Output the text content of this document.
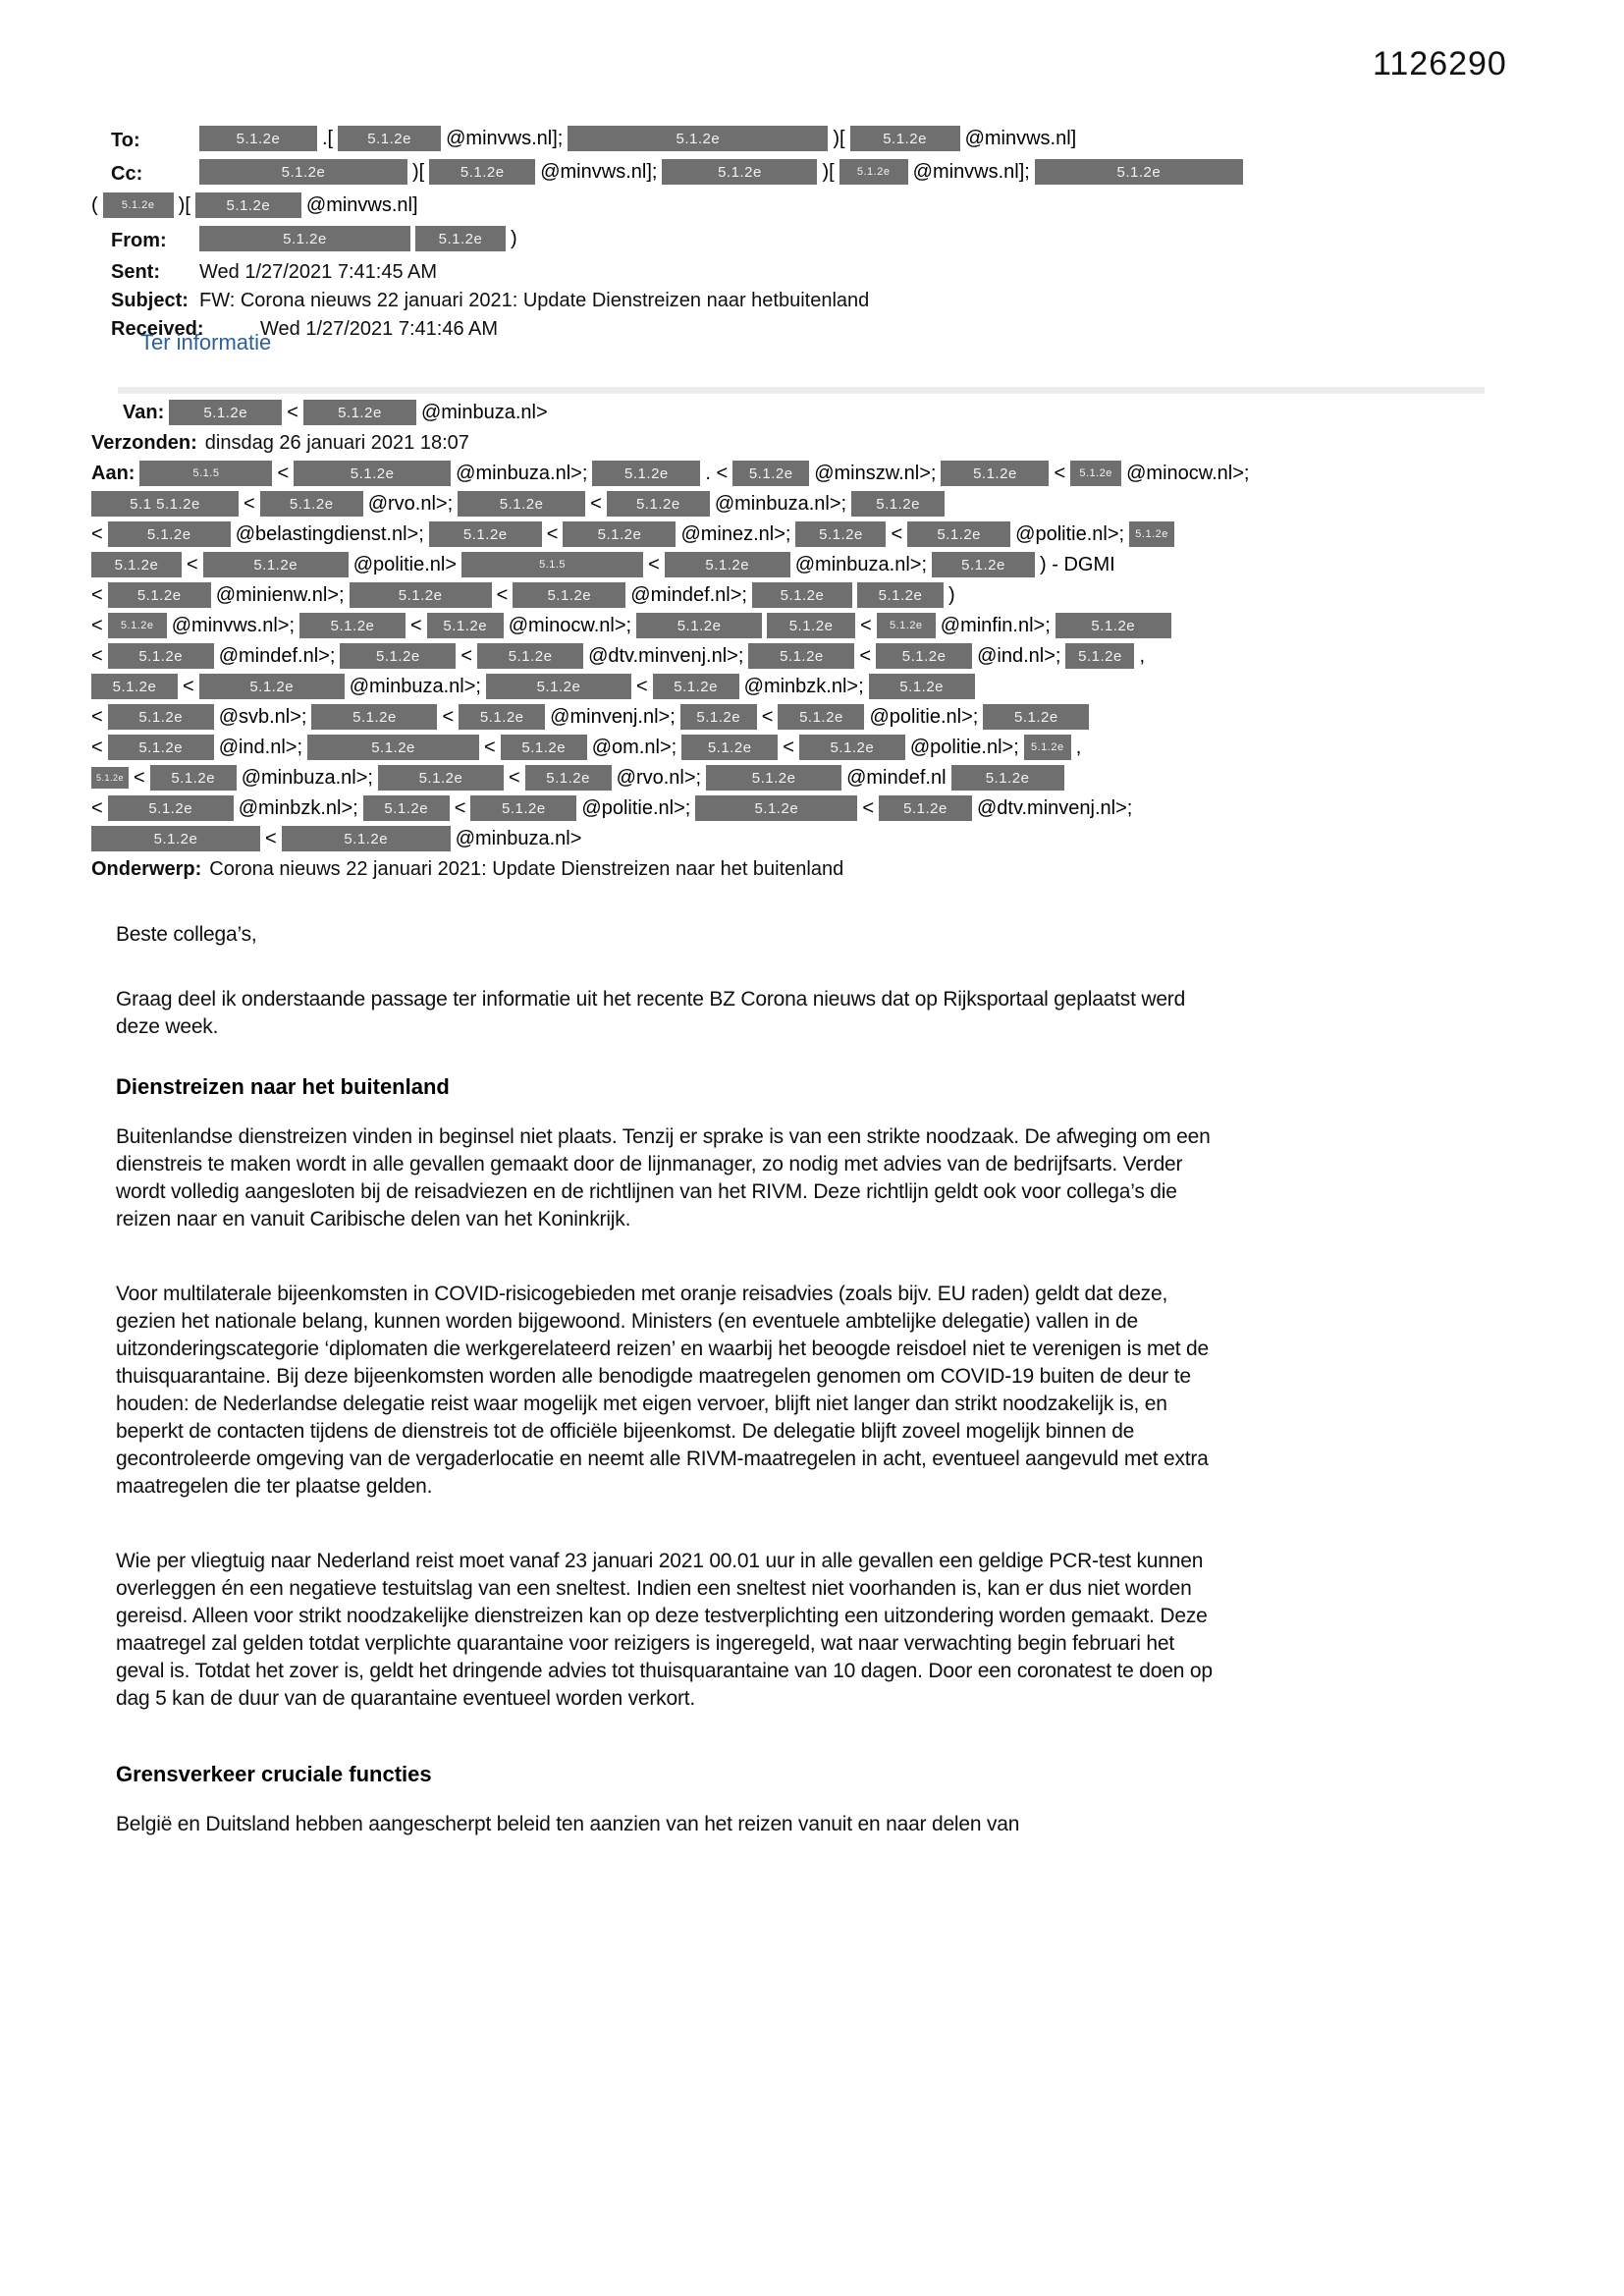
1126290
To:	5.1.2e	.[	5.1.2e	@minvws.nl];	5.1.2e	)[	5.1.2e	@minvws.nl]
Cc:	5.1.2e	)[	5.1.2e	@minvws.nl];	5.1.2e	)[	5.1.2e	@minvws.nl];	5.1.2e
(	5.1.2e	)[	5.1.2e	@minvws.nl]
From:	5.1.2e	5.1.2e	)
Sent:	Wed 1/27/2021 7:41:45 AM
Subject: FW: Corona nieuws 22 januari 2021: Update Dienstreizen naar hetbuitenland
Received:	Wed 1/27/2021 7:41:46 AM
Ter informatie
Van:	5.1.2e	<	5.1.2e	@minbuza.nl>
Verzonden: dinsdag 26 januari 2021 18:07
Aan:	5.1.5	<	5.1.2e	@minbuza.nl>;	5.1.2e	. <	5.1.2e	@minszw.nl>;	5.1.2e	<	5.1.2e @minocw.nl>;
5.1 5.1.2e	<	5.1.2e	@rvo.nl>;	5.1.2e	<	5.1.2e	@minbuza.nl>;	5.1.2e
<	5.1.2e	@belastingdienst.nl>;	5.1.2e	<	5.1.2e	@minez.nl>;	5.1.2e	<	5.1.2e	@politie.nl>;	5.1.2e
5.1.2e	<	5.1.2e	@politie.nl>	5.1.5	<	5.1.2e	@minbuza.nl>;	5.1.2e	) - DGMI
<	5.1.2e	@minienw.nl>;	5.1.2e	<	5.1.2e	@mindef.nl>;	5.1.2e	5.1.2e	)
<	5.1.2e @minvws.nl>;	5.1.2e	<	5.1.2e	@minocw.nl>;	5.1.2e	5.1.2e	<	5.1.2e @minfin.nl>;	5.1.2e
<	5.1.2e	@mindef.nl>;	5.1.2e	<	5.1.2e	@dtv.minvenj.nl>;	5.1.2e	<	5.1.2e	@ind.nl>;	5.1.2e ,
5.1.2e	<	5.1.2e	@minbuza.nl>;	5.1.2e	<	5.1.2e	@minbzk.nl>;	5.1.2e
<	5.1.2e	@svb.nl>;	5.1.2e	<	5.1.2e	@minvenj.nl>;	5.1.2e	<	5.1.2e	@politie.nl>;	5.1.2e
<	5.1.2e	@ind.nl>;	5.1.2e	<	5.1.2e	@om.nl>;	5.1.2e	<	5.1.2e	@politie.nl>;	5.1.2e ,
5.1.2e <	5.1.2e	@minbuza.nl>;	5.1.2e	<	5.1.2e	@rvo.nl>;	5.1.2e	@mindef.nl	5.1.2e
<	5.1.2e	@minbzk.nl>;	5.1.2e	<	5.1.2e	@politie.nl>;	5.1.2e	<	5.1.2e	@dtv.minvenj.nl>;
5.1.2e	<	5.1.2e	@minbuza.nl>
Onderwerp: Corona nieuws 22 januari 2021: Update Dienstreizen naar het buitenland

Beste collega’s,

Graag deel ik onderstaande passage ter informatie uit het recente BZ Corona nieuws dat op Rijksportaal geplaatst werd deze week.

Dienstreizen naar het buitenland

Buitenlandse dienstreizen vinden in beginsel niet plaats. Tenzij er sprake is van een strikte noodzaak. De afweging om een dienstreis te maken wordt in alle gevallen gemaakt door de lijnmanager, zo nodig met advies van de bedrijfsarts. Verder wordt volledig aangesloten bij de reisadviezen en de richtlijnen van het RIVM. Deze richtlijn geldt ook voor collega’s die reizen naar en vanuit Caribische delen van het Koninkrijk.

Voor multilaterale bijeenkomsten in COVID-risicogebieden met oranje reisadvies (zoals bijv. EU raden) geldt dat deze, gezien het nationale belang, kunnen worden bijgewoond. Ministers (en eventuele ambtelijke delegatie) vallen in de uitzonderingscategorie ‘diplomaten die werkgerelateerd reizen’ en waarbij het beoogde reisdoel niet te verenigen is met de thuisquarantaine. Bij deze bijeenkomsten worden alle benodigde maatregelen genomen om COVID-19 buiten de deur te houden: de Nederlandse delegatie reist waar mogelijk met eigen vervoer, blijft niet langer dan strikt noodzakelijk is, en beperkt de contacten tijdens de dienstreis tot de officiële bijeenkomst. De delegatie blijft zoveel mogelijk binnen de gecontroleerde omgeving van de vergaderlocatie en neemt alle RIVM-maatregelen in acht, eventueel aangevuld met extra maatregelen die ter plaatse gelden.

Wie per vliegtuig naar Nederland reist moet vanaf 23 januari 2021 00.01 uur in alle gevallen een geldige PCR-test kunnen overleggen én een negatieve testuitslag van een sneltest. Indien een sneltest niet voorhanden is, kan er dus niet worden gereisd. Alleen voor strikt noodzakelijke dienstreizen kan op deze testverplichting een uitzondering worden gemaakt. Deze maatregel zal gelden totdat verplichte quarantaine voor reizigers is ingeregeld, wat naar verwachting begin februari het geval is. Totdat het zover is, geldt het dringende advies tot thuisquarantaine van 10 dagen. Door een coronatest te doen op dag 5 kan de duur van de quarantaine eventueel worden verkort.

Grensverkeer cruciale functies

België en Duitsland hebben aangescherpt beleid ten aanzien van het reizen vanuit en naar delen van
